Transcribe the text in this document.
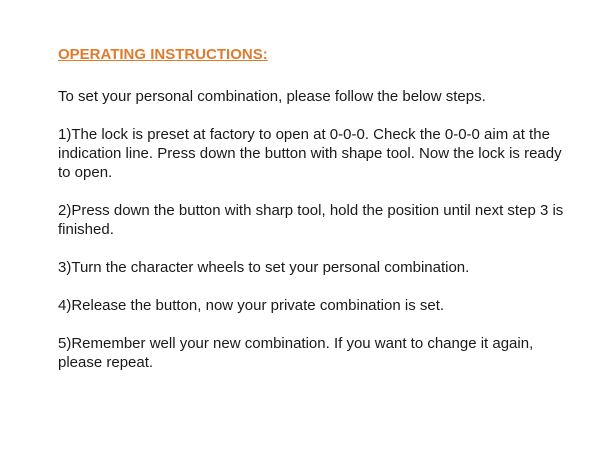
OPERATING INSTRUCTIONS:

To set your personal combination, please follow the below steps.

1)The lock is preset at factory to open at 0-0-0. Check the 0-0-0 aim at the indication line. Press down the button with shape tool. Now the lock is ready to open.

2)Press down the button with sharp tool, hold the position until next step 3 is finished.

3)Turn the character wheels to set your personal combination.

4)Release the button, now your private combination is set.

5)Remember well your new combination. If you want to change it again, please repeat.
